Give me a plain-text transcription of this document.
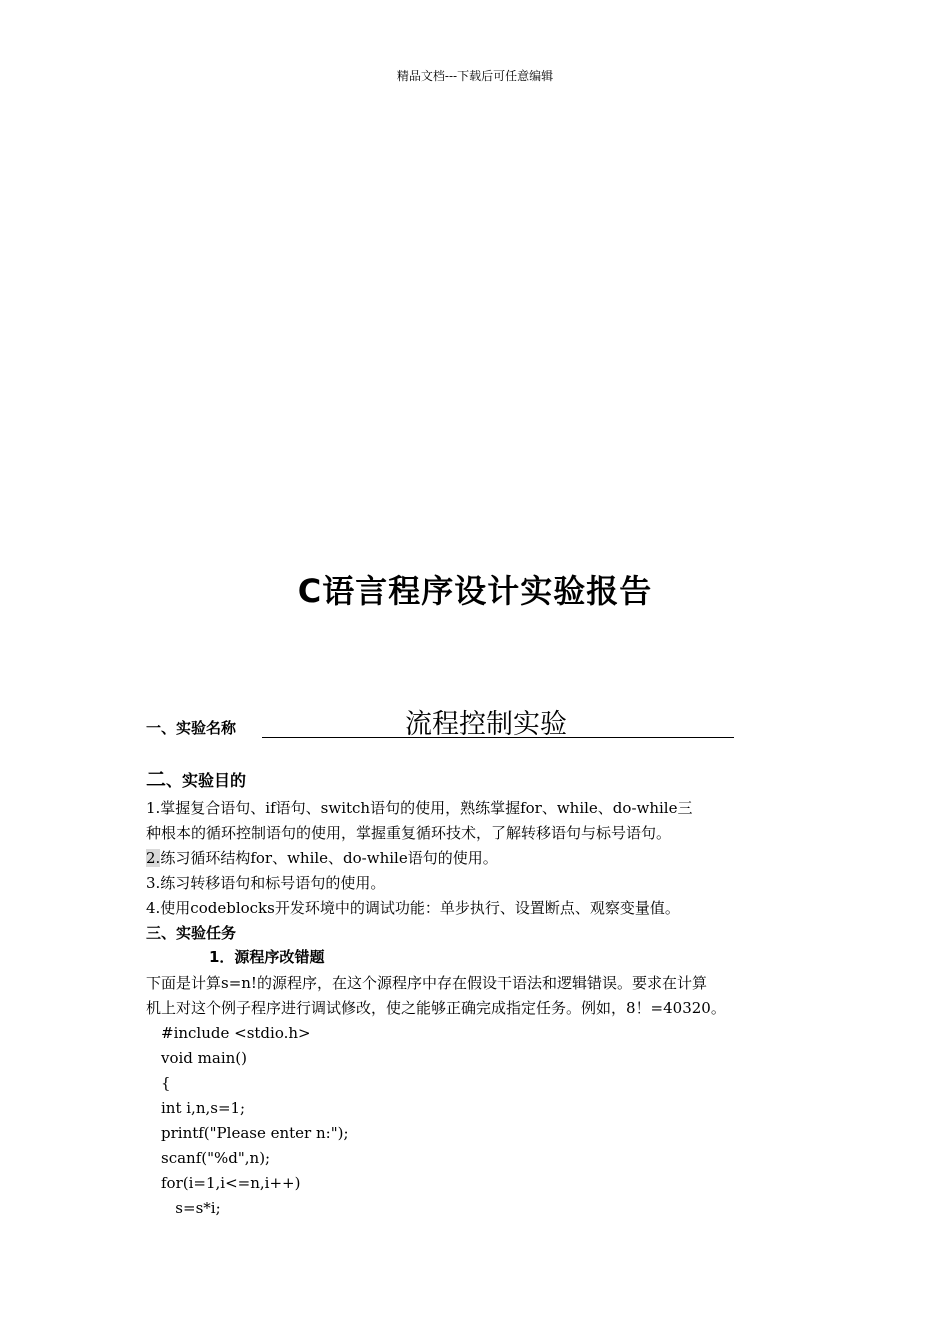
精品文档---下载后可任意编辑
C语言程序设计实验报告
一、实验名称	流程控制实验
二、实验目的
1.掌握复合语句、if语句、switch语句的使用，熟练掌握for、while、do-while三
种根本的循环控制语句的使用，掌握重复循环技术，了解转移语句与标号语句。
2.练习循环结构for、while、do-while语句的使用。
3.练习转移语句和标号语句的使用。
4.使用codeblocks开发环境中的调试功能：单步执行、设置断点、观察变量值。
三、实验任务
1．源程序改错题
下面是计算s=n!的源程序，在这个源程序中存在假设干语法和逻辑错误。要求在计算
机上对这个例子程序进行调试修改，使之能够正确完成指定任务。例如，8！=40320。
#include <stdio.h>
void main()
{
int i,n,s=1;
printf("Please enter n:");
scanf("%d",n);
for(i=1,i<=n,i++)
s=s*i;
